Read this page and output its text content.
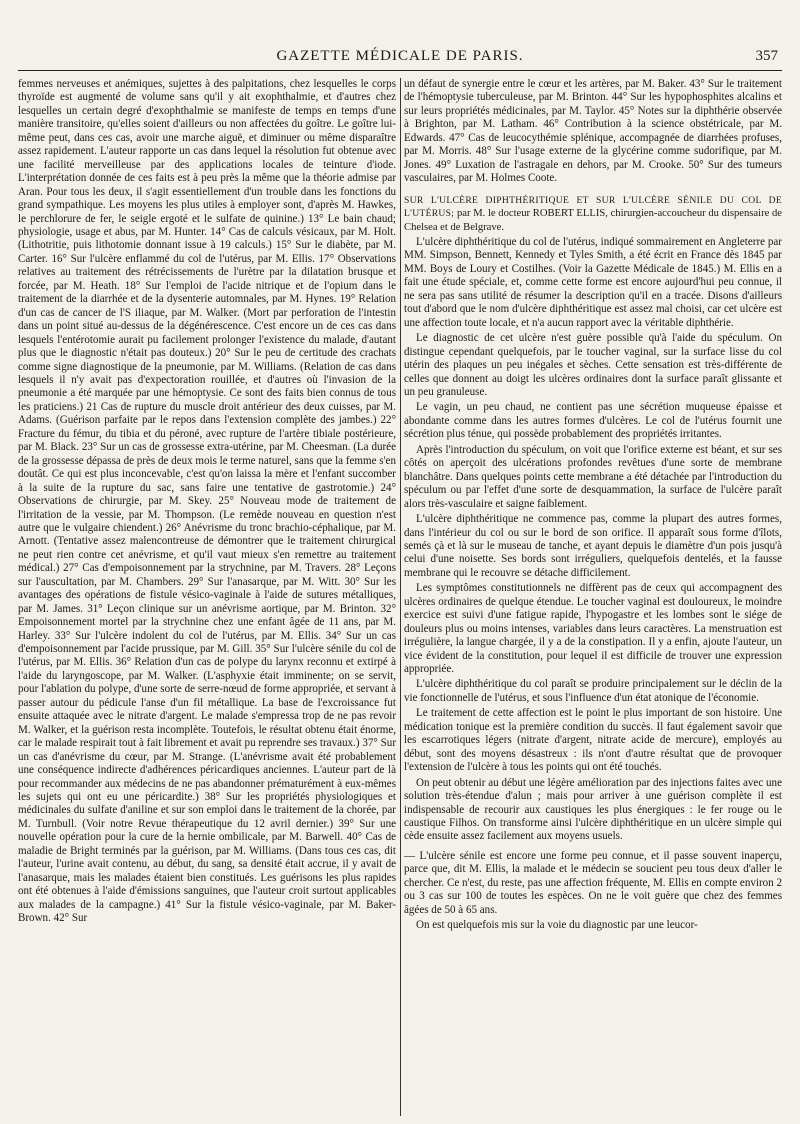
GAZETTE MÉDICALE DE PARIS.	357

femmes nerveuses et anémiques, sujettes à des palpitations, chez lesquelles le corps thyroïde est augmenté de volume sans qu'il y ait exophthalmie, et d'autres chez lesquelles un certain degré d'exophthalmie se manifeste de temps en temps d'une manière transitoire, qu'elles soient d'ailleurs ou non affectées du goître. Le goître lui-même peut, dans ces cas, avoir une marche aiguë, et diminuer ou même disparaître assez rapidement. L'auteur rapporte un cas dans lequel la résolution fut obtenue avec une facilité merveilleuse par des applications locales de teinture d'iode. L'interprétation donnée de ces faits est à peu près la même que la théorie admise par Aran. Pour tous les deux, il s'agit essentiellement d'un trouble dans les fonctions du grand sympathique. Les moyens les plus utiles à employer sont, d'après M. Hawkes, le perchlorure de fer, le seigle ergoté et le sulfate de quinine.) 13° Le bain chaud; physiologie, usage et abus, par M. Hunter. 14° Cas de calculs vésicaux, par M. Holt. (Lithotritie, puis lithotomie donnant issue à 19 calculs.) 15° Sur le diabète, par M. Carter. 16° Sur l'ulcère enflammé du col de l'utérus, par M. Ellis. 17° Observations relatives au traitement des rétrécissements de l'urètre par la dilatation brusque et forcée, par M. Heath. 18° Sur l'emploi de l'acide nitrique et de l'opium dans le traitement de la diarrhée et de la dysenterie automnales, par M. Hynes. 19° Relation d'un cas de cancer de l'S iliaque, par M. Walker. (Mort par perforation de l'intestin dans un point situé au-dessus de la dégénérescence. C'est encore un de ces cas dans lesquels l'entérotomie aurait pu facilement prolonger l'existence du malade, d'autant plus que le diagnostic n'était pas douteux.) 20° Sur le peu de certitude des crachats comme signe diagnostique de la pneumonie, par M. Williams. (Relation de cas dans lesquels il n'y avait pas d'expectoration rouillée, et d'autres où l'invasion de la pneumonie a été marquée par une hémoptysie. Ce sont des faits bien connus de tous les praticiens.) 21 Cas de rupture du muscle droit antérieur des deux cuisses, par M. Adams. (Guérison parfaite par le repos dans l'extension complète des jambes.) 22° Fracture du fémur, du tibia et du péroné, avec rupture de l'artère tibiale postérieure, par M. Black. 23° Sur un cas de grossesse extra-utérine, par M. Cheesman. (La durée de la grossesse dépassa de près de deux mois le terme naturel, sans que la femme s'en doutât. Ce qui est plus inconcevable, c'est qu'on laissa la mère et l'enfant succomber à la suite de la rupture du sac, sans faire une tentative de gastrotomie.) 24° Observations de chirurgie, par M. Skey. 25° Nouveau mode de traitement de l'irritation de la vessie, par M. Thompson. (Le remède nouveau en question n'est autre que le vulgaire chiendent.) 26° Anévrisme du tronc brachio-céphalique, par M. Arnott. (Tentative assez malencontreuse de démontrer que le traitement chirurgical ne peut rien contre cet anévrisme, et qu'il vaut mieux s'en remettre au traitement médical.) 27° Cas d'empoisonnement par la strychnine, par M. Travers. 28° Leçons sur l'auscultation, par M. Chambers. 29° Sur l'anasarque, par M. Witt. 30° Sur les avantages des opérations de fistule vésico-vaginale à l'aide de sutures métalliques, par M. James. 31° Leçon clinique sur un anévrisme aortique, par M. Brinton. 32° Empoisonnement mortel par la strychnine chez une enfant âgée de 11 ans, par M. Harley. 33° Sur l'ulcère indolent du col de l'utérus, par M. Ellis. 34° Sur un cas d'empoisonnement par l'acide prussique, par M. Gill. 35° Sur l'ulcère sénile du col de l'utérus, par M. Ellis. 36° Relation d'un cas de polype du larynx reconnu et extirpé à l'aide du laryngoscope, par M. Walker. (L'asphyxie était imminente; on se servit, pour l'ablation du polype, d'une sorte de serre-nœud de forme appropriée, et servant à passer autour du pédicule l'anse d'un fil métallique. La base de l'excroissance fut ensuite attaquée avec le nitrate d'argent. Le malade s'empressa trop de ne pas revoir M. Walker, et la guérison resta incomplète. Toutefois, le résultat obtenu était énorme, car le malade respirait tout à fait librement et avait pu reprendre ses travaux.) 37° Sur un cas d'anévrisme du cœur, par M. Strange. (L'anévrisme avait été probablement une conséquence indirecte d'adhérences péricardiques anciennes. L'auteur part de là pour recommander aux médecins de ne pas abandonner prématurément à eux-mêmes les sujets qui ont eu une péricardite.) 38° Sur les propriétés physiologiques et médicinales du sulfate d'aniline et sur son emploi dans le traitement de la chorée, par M. Turnbull. (Voir notre Revue thérapeutique du 12 avril dernier.) 39° Sur une nouvelle opération pour la cure de la hernie ombilicale, par M. Barwell. 40° Cas de maladie de Bright terminés par la guérison, par M. Williams. (Dans tous ces cas, dit l'auteur, l'urine avait contenu, au début, du sang, sa densité était accrue, il y avait de l'anasarque, mais les malades étaient bien constitués. Les guérisons les plus rapides ont été obtenues à l'aide d'émissions sanguines, que l'auteur croit surtout applicables aux malades de la campagne.) 41° Sur la fistule vésico-vaginale, par M. Baker-Brown. 42° Sur

un défaut de synergie entre le cœur et les artères, par M. Baker. 43° Sur le traitement de l'hémoptysie tuberculeuse, par M. Brinton. 44° Sur les hypophosphites alcalins et sur leurs propriétés médicinales, par M. Taylor. 45° Notes sur la diphthérie observée à Brighton, par M. Latham. 46° Contribution à la science obstétricale, par M. Edwards. 47° Cas de leucocythémie splénique, accompagnée de diarrhées profuses, par M. Morris. 48° Sur l'usage externe de la glycérine comme sudorifique, par M. Jones. 49° Luxation de l'astragale en dehors, par M. Crooke. 50° Sur des tumeurs vasculaires, par M. Holmes Coote.

SUR L'ULCÈRE DIPHTHÉRITIQUE ET SUR L'ULCÈRE SÉNILE DU COL DE L'UTÉRUS; par M. le docteur ROBERT ELLIS, chirurgien-accoucheur du dispensaire de Chelsea et de Belgrave.

L'ulcère diphthéritique du col de l'utérus, indiqué sommairement en Angleterre par MM. Simpson, Bennett, Kennedy et Tyles Smith, a été écrit en France dès 1845 par MM. Boys de Loury et Costilhes. (Voir la Gazette Médicale de 1845.) M. Ellis en a fait une étude spéciale, et, comme cette forme est encore aujourd'hui peu connue, il ne sera pas sans utilité de résumer la description qu'il en a tracée. Disons d'ailleurs tout d'abord que le nom d'ulcère diphthéritique est assez mal choisi, car cet ulcère est une affection toute locale, et n'a aucun rapport avec la véritable diphthérie.

Le diagnostic de cet ulcère n'est guère possible qu'à l'aide du spéculum. On distingue cependant quelquefois, par le toucher vaginal, sur la surface lisse du col utérin des plaques un peu inégales et sèches. Cette sensation est très-différente de celles que donnent au doigt les ulcères ordinaires dont la surface paraît glissante et un peu granuleuse.

Le vagin, un peu chaud, ne contient pas une sécrétion muqueuse épaisse et abondante comme dans les autres formes d'ulcères. Le col de l'utérus fournit une sécrétion plus ténue, qui possède probablement des propriétés irritantes.

Après l'introduction du spéculum, on voit que l'orifice externe est béant, et sur ses côtés on aperçoit des ulcérations profondes revêtues d'une sorte de membrane blanchâtre. Dans quelques points cette membrane a été détachée par l'introduction du spéculum ou par l'effet d'une sorte de desquammation, la surface de l'ulcère paraît alors très-vasculaire et saigne faiblement.

L'ulcère diphthéritique ne commence pas, comme la plupart des autres formes, dans l'intérieur du col ou sur le bord de son orifice. Il apparaît sous forme d'îlots, semés çà et là sur le museau de tanche, et ayant depuis le diamètre d'un pois jusqu'à celui d'une noisette. Ses bords sont irréguliers, quelquefois dentelés, et la fausse membrane qui le recouvre se détache difficilement.

Les symptômes constitutionnels ne diffèrent pas de ceux qui accompagnent des ulcères ordinaires de quelque étendue. Le toucher vaginal est douloureux, le moindre exercice est suivi d'une fatigue rapide, l'hypogastre et les lombes sont le siége de douleurs plus ou moins intenses, variables dans leurs caractères. La menstruation est irrégulière, la langue chargée, il y a de la constipation. Il y a enfin, ajoute l'auteur, un vice évident de la constitution, pour lequel il est difficile de trouver une expression appropriée.

L'ulcère diphthéritique du col paraît se produire principalement sur le déclin de la vie fonctionnelle de l'utérus, et sous l'influence d'un état atonique de l'économie.

Le traitement de cette affection est le point le plus important de son histoire. Une médication tonique est la première condition du succès. Il faut également savoir que les escarrotiques légers (nitrate d'argent, nitrate acide de mercure), employés au début, sont des moyens désastreux : ils n'ont d'autre résultat que de provoquer l'extension de l'ulcère à tous les points qui ont été touchés.

On peut obtenir au début une légère amélioration par des injections faites avec une solution très-étendue d'alun ; mais pour arriver à une guérison complète il est indispensable de recourir aux caustiques les plus énergiques : le fer rouge ou le caustique Filhos. On transforme ainsi l'ulcère diphthéritique en un ulcère simple qui cède ensuite assez facilement aux moyens usuels.

— L'ulcère sénile est encore une forme peu connue, et il passe souvent inaperçu, parce que, dit M. Ellis, la malade et le médecin se soucient peu tous deux d'aller le chercher. Ce n'est, du reste, pas une affection fréquente, M. Ellis en compte environ 2 ou 3 cas sur 100 de toutes les espèces. On ne le voit guère que chez des femmes âgées de 50 à 65 ans.

On est quelquefois mis sur la voie du diagnostic par une leucor-
